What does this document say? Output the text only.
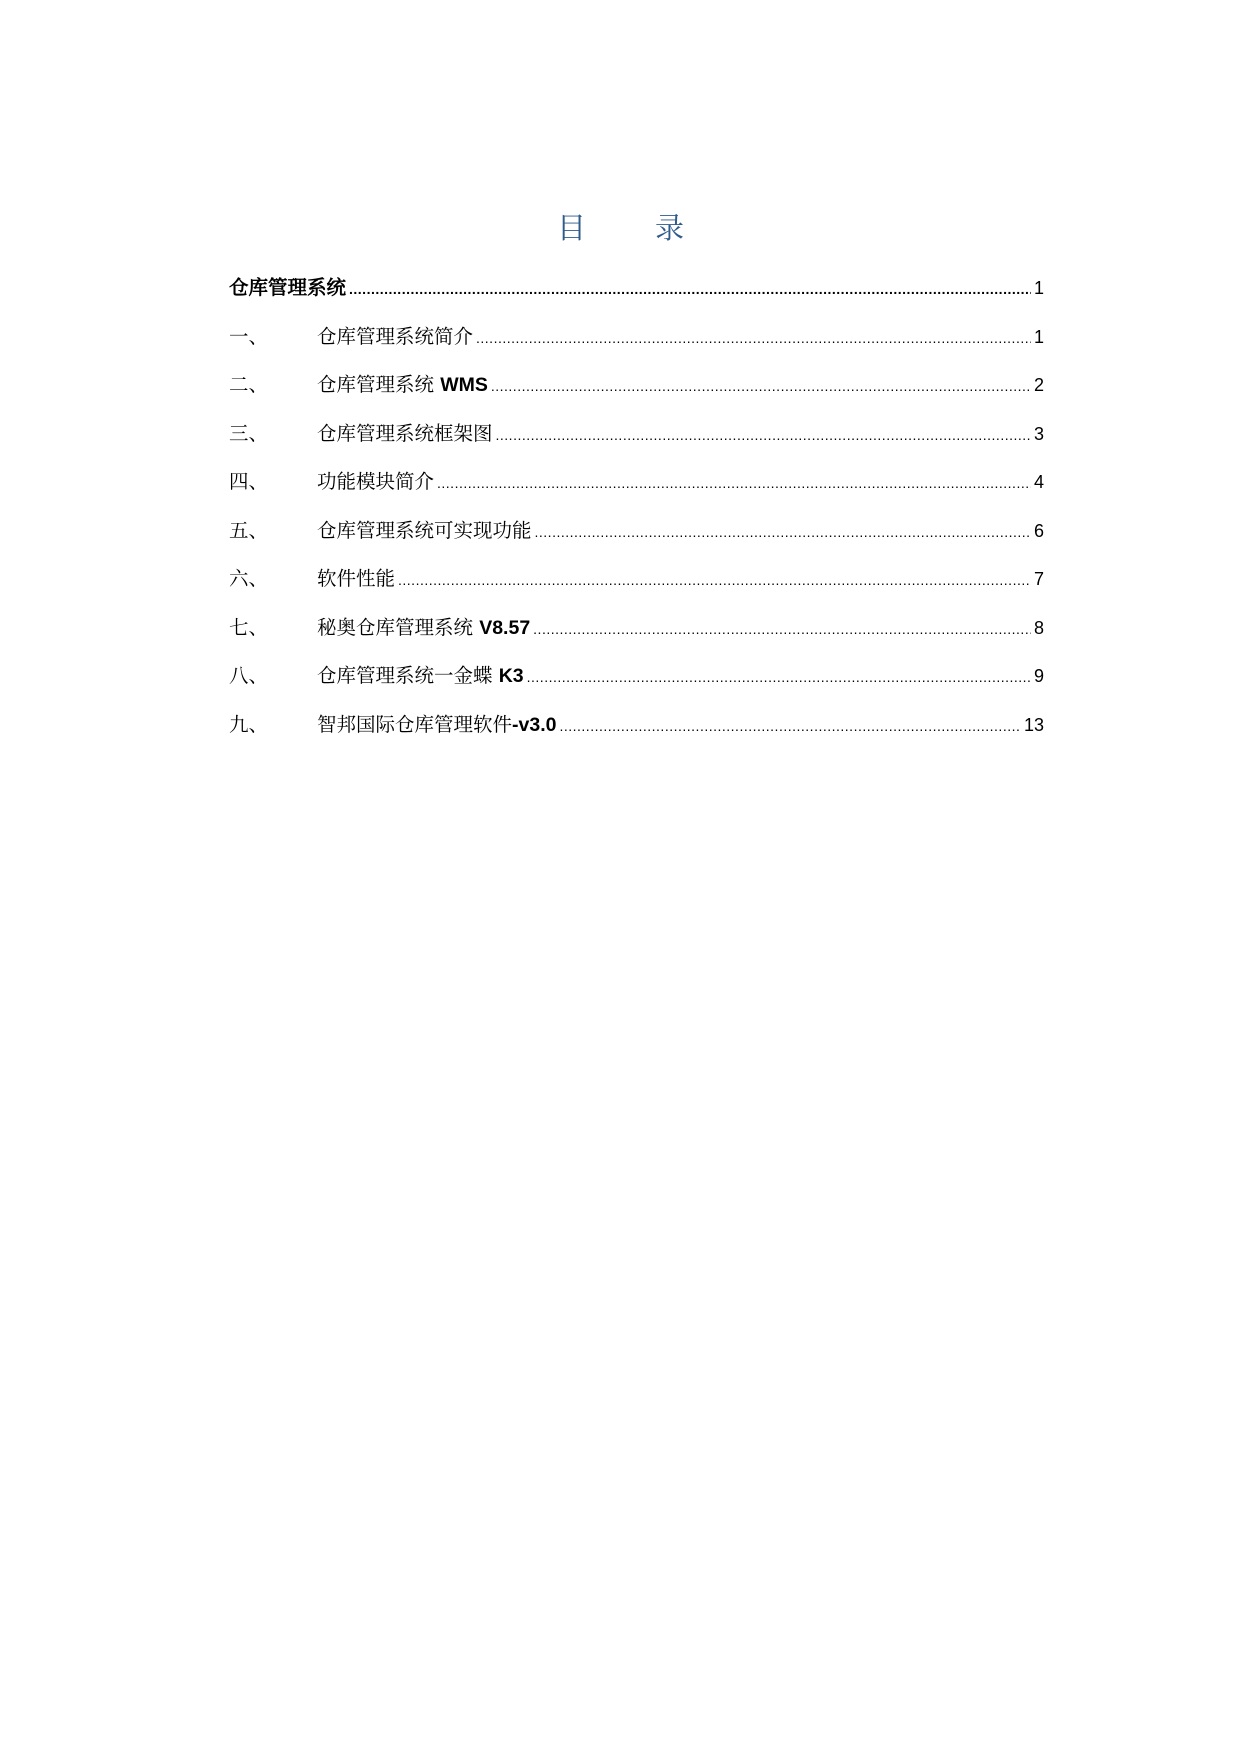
目　录
仓库管理系统 .....	1
一、	仓库管理系统简介 .....	1
二、	仓库管理系统 WMS .....	2
三、	仓库管理系统框架图 .....	3
四、	功能模块简介 .....	4
五、	仓库管理系统可实现功能 .....	6
六、	软件性能 .....	7
七、	秘奥仓库管理系统 V8.57 .....	8
八、	仓库管理系统一金蝶 K3 .....	9
九、	智邦国际仓库管理软件-v3.0 .....	13
